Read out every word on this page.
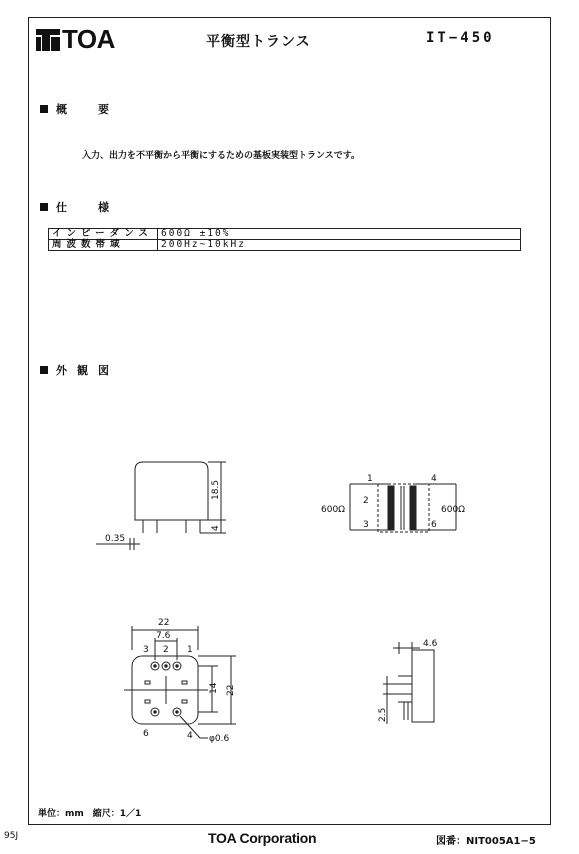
TOA	平衡型トランス	IT−450
概　要
入力、出力を不平衡から平衡にするための基板実装型トランスです。
仕　様
インピーダンス	600Ω ±10%
周波数帯域	200Hz~10kHz
外観図
0.35
18.5
4
1
2
3
4
6
600Ω	600Ω
7.6
22
14 22
φ0.6
3 2 1
6	4
4.6
2.5
単位：mm　縮尺：1／1
95J	TOA Corporation	図番：NIT005A1−5
